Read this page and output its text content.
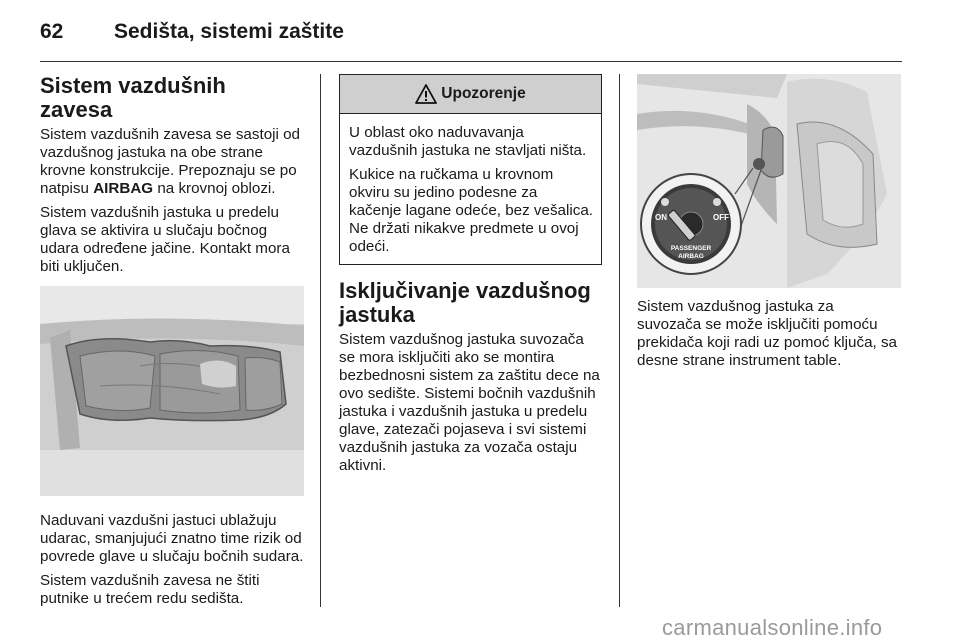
62 Sedišta, sistemi zaštite
Sistem vazdušnih zavesa

Sistem vazdušnih zavesa se sastoji od vazdušnog jastuka na obe strane krovne konstrukcije. Prepoznaju se po natpisu AIRBAG na krovnoj oblozi.

Sistem vazdušnih jastuka u predelu glava se aktivira u slučaju bočnog udara određene jačine. Kontakt mora biti uključen.

Naduvani vazdušni jastuci ublažuju udarac, smanjujući znatno time rizik od povrede glave u slučaju bočnih sudara.

Sistem vazdušnih zavesa ne štiti putnike u trećem redu sedišta.

Upozorenje

U oblast oko naduvavanja vazdušnih jastuka ne stavljati ništa.

Kukice na ručkama u krovnom okviru su jedino podesne za kačenje lagane odeće, bez vešalica. Ne držati nikakve predmete u ovoj odeći.

Isključivanje vazdušnog jastuka

Sistem vazdušnog jastuka suvozača se mora isključiti ako se montira bezbednosni sistem za zaštitu dece na ovo sedište. Sistemi bočnih vazdušnih jastuka i vazdušnih jastuka u predelu glave, zatezači pojaseva i svi sistemi vazdušnih jastuka za vozača ostaju aktivni.

ON	OFF
PASSENGER
AIRBAG

Sistem vazdušnog jastuka za suvozača se može isključiti pomoću prekidača koji radi uz pomoć ključa, sa desne strane instrument table.

carmanualsonline.info
